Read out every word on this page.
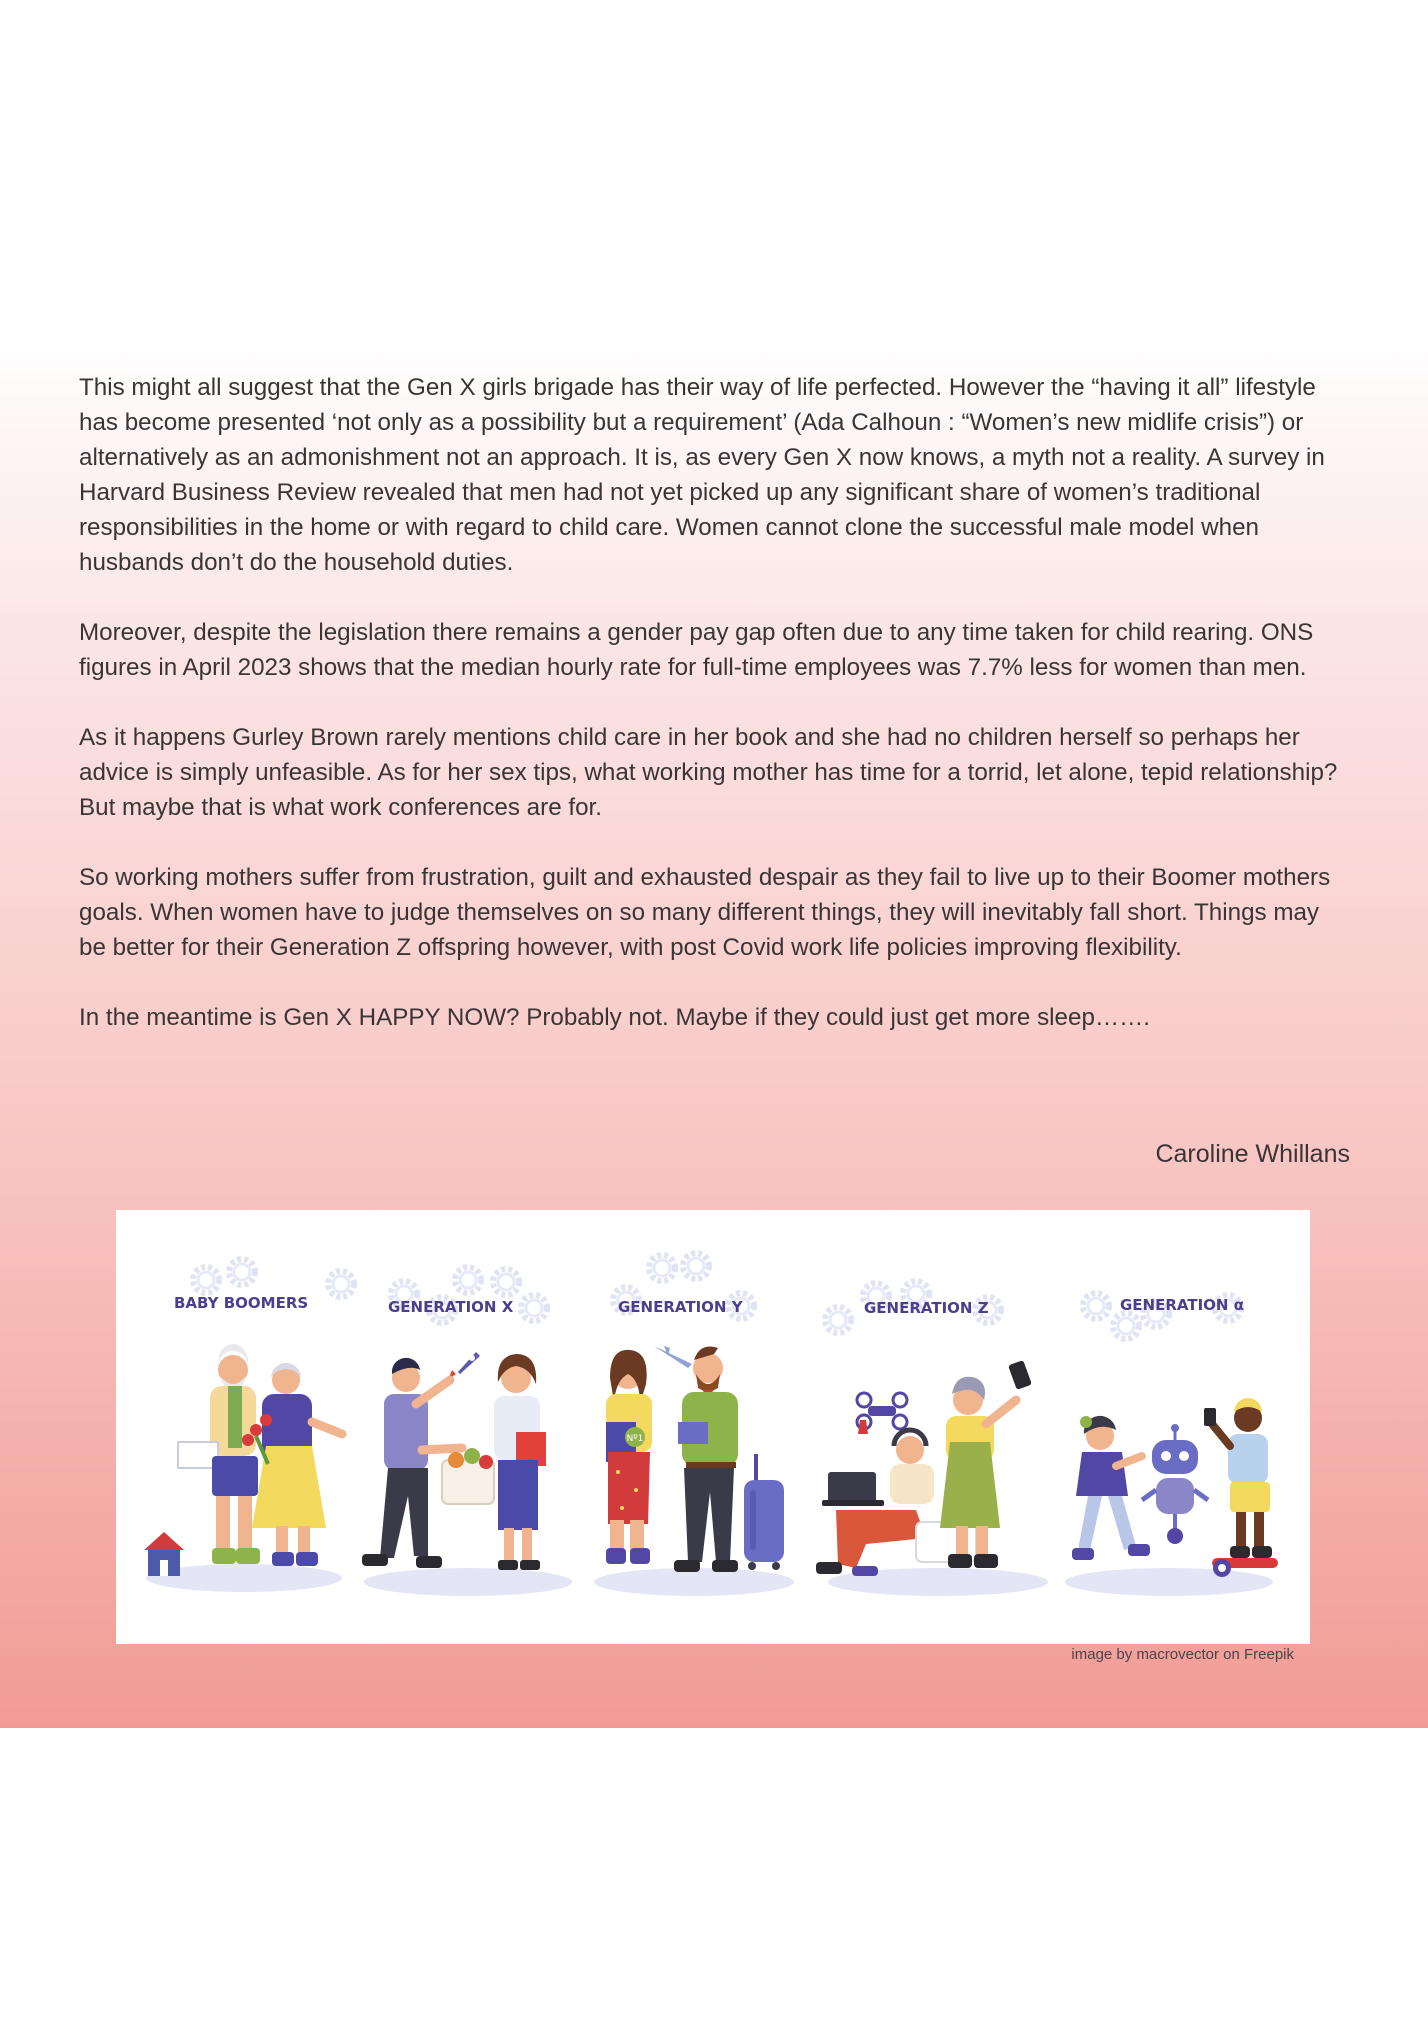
This might all suggest that the Gen X girls brigade has their way of life perfected. However the “having it all” lifestyle has become presented ‘not only as a possibility but a requirement’ (Ada Calhoun : “Women’s new midlife crisis”) or alternatively as an admonishment not an approach. It is, as every Gen X now knows, a myth not a reality. A survey in Harvard Business Review revealed that men had not yet picked up any significant share of women’s traditional responsibilities in the home or with regard to child care. Women cannot clone the successful male model when husbands don’t do the household duties.

Moreover, despite the legislation there remains a gender pay gap often due to any time taken for child rearing. ONS figures in April 2023 shows that the median hourly rate for full-time employees was 7.7% less for women than men.

As it happens Gurley Brown rarely mentions child care in her book and she had no children herself so perhaps her advice is simply unfeasible. As for her sex tips, what working mother has time for a torrid, let alone, tepid relationship? But maybe that is what work conferences are for.

So working mothers suffer from frustration, guilt and exhausted despair as they fail to live up to their Boomer mothers goals. When women have to judge themselves on so many different things, they will inevitably fall short. Things may be better for their Generation Z offspring however, with post Covid work life policies improving flexibility.

In the meantime is Gen X HAPPY NOW? Probably not. Maybe if they could just get more sleep…….

Caroline Whillans
BABY BOOMERS	GENERATION X	GENERATION Y	GENERATION Z	GENERATION α
Nº1
image by macrovector on Freepik
